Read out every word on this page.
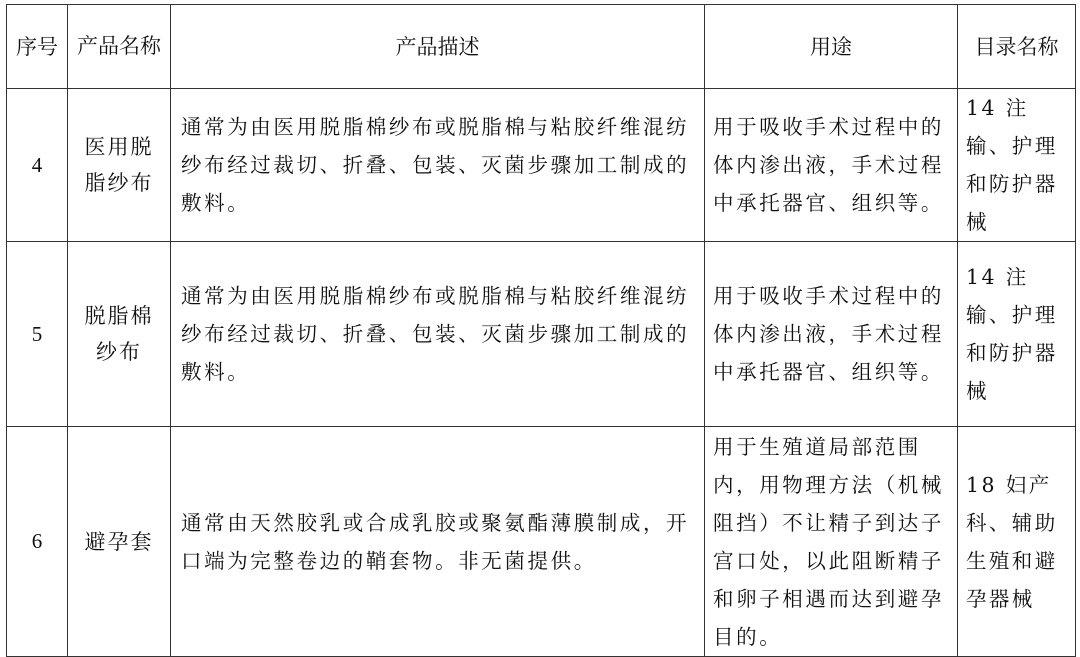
序号	产品名称	产品描述	用途	目录名称
4	医用脱脂纱布	通常为由医用脱脂棉纱布或脱脂棉与粘胶纤维混纺纱布经过裁切、折叠、包装、灭菌步骤加工制成的敷料。	用于吸收手术过程中的体内渗出液，手术过程中承托器官、组织等。	14 注输、护理和防护器械
5	脱脂棉纱布	通常为由医用脱脂棉纱布或脱脂棉与粘胶纤维混纺纱布经过裁切、折叠、包装、灭菌步骤加工制成的敷料。	用于吸收手术过程中的体内渗出液，手术过程中承托器官、组织等。	14 注输、护理和防护器械
6	避孕套	通常由天然胶乳或合成乳胶或聚氨酯薄膜制成，开口端为完整卷边的鞘套物。非无菌提供。	用于生殖道局部范围内，用物理方法（机械阻挡）不让精子到达子宫口处，以此阻断精子和卵子相遇而达到避孕目的。	18 妇产科、辅助生殖和避孕器械
